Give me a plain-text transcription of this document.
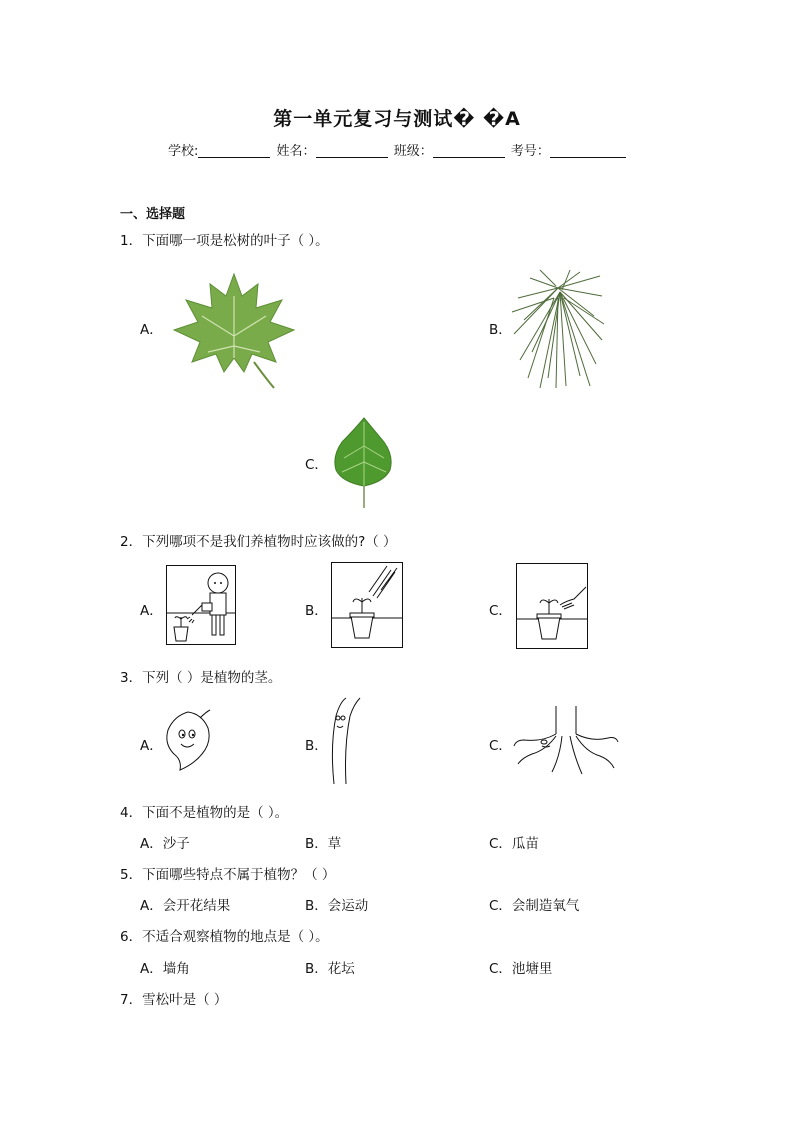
第一单元复习与测试� �A
学校:	姓名：	班级：	考号：
一、选择题
1．下面哪一项是松树的叶子（ ）。
A．	B．
C．
2．下列哪项不是我们养植物时应该做的?（ ）
A．	B．	C．
3．下列（ ）是植物的茎。
A．	B．	C．
4．下面不是植物的是（ ）。
A．沙子	B．草	C．瓜苗
5．下面哪些特点不属于植物？（ ）
A．会开花结果	B．会运动	C．会制造氧气
6．不适合观察植物的地点是（ ）。
A．墙角	B．花坛	C．池塘里
7．雪松叶是（ ）
